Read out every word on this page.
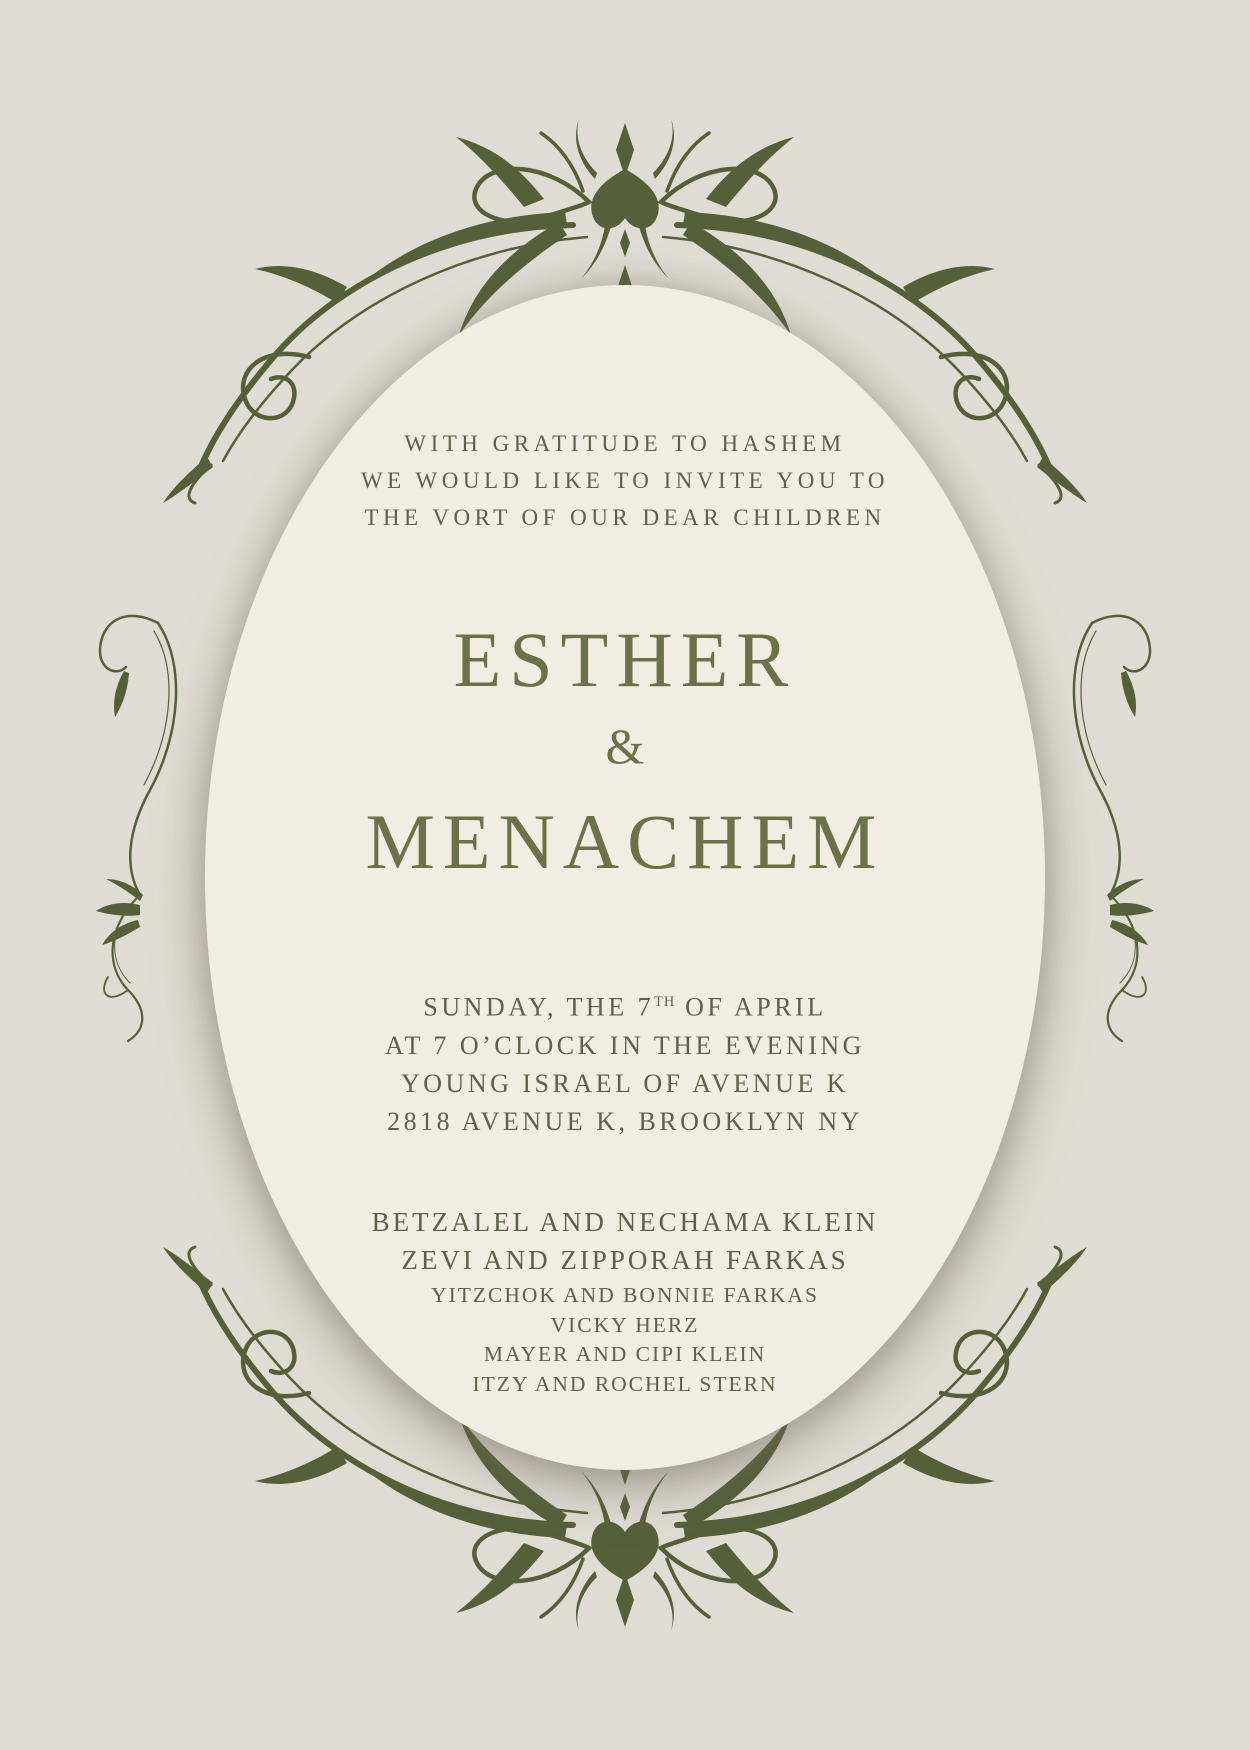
WITH GRATITUDE TO HASHEM
WE WOULD LIKE TO INVITE YOU TO
THE VORT OF OUR DEAR CHILDREN
ESTHER
&
MENACHEM
SUNDAY, THE 7TH OF APRIL
AT 7 O’CLOCK IN THE EVENING
YOUNG ISRAEL OF AVENUE K
2818 AVENUE K, BROOKLYN NY
BETZALEL AND NECHAMA KLEIN
ZEVI AND ZIPPORAH FARKAS
YITZCHOK AND BONNIE FARKAS
VICKY HERZ
MAYER AND CIPI KLEIN
ITZY AND ROCHEL STERN
